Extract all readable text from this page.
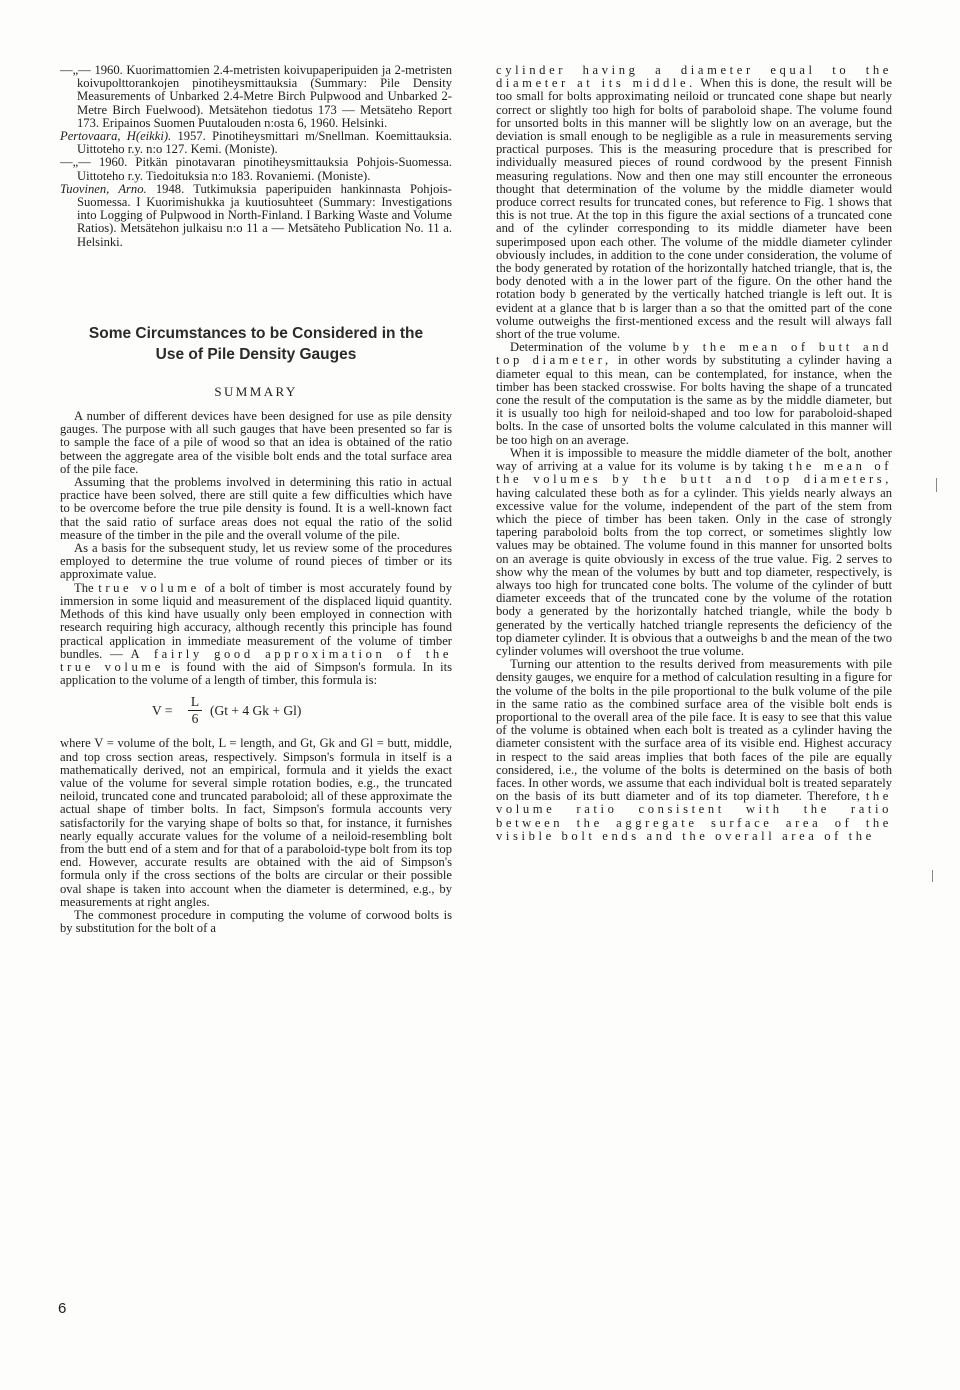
—„— 1960. Kuorimattomien 2.4-metristen koivupaperipuiden ja 2-metristen koivupolttorankojen pinotiheysmittauksia (Summary: Pile Density Measurements of Unbarked 2.4-Metre Birch Pulpwood and Unbarked 2-Metre Birch Fuelwood). Metsätehon tiedotus 173 — Metsäteho Report 173. Eripainos Suomen Puutalouden n:osta 6, 1960. Helsinki.

Pertovaara, H(eikki). 1957. Pinotiheysmittari m/Snellman. Koemittauksia. Uittoteho r.y. n:o 127. Kemi. (Moniste).

—„— 1960. Pitkän pinotavaran pinotiheysmittauksia Pohjois-Suomessa. Uittoteho r.y. Tiedoituksia n:o 183. Rovaniemi. (Moniste).

Tuovinen, Arno. 1948. Tutkimuksia paperipuiden hankinnasta Pohjois-Suomessa. I Kuorimishukka ja kuutiosuhteet (Summary: Investigations into Logging of Pulpwood in North-Finland. I Barking Waste and Volume Ratios). Metsätehon julkaisu n:o 11 a — Metsäteho Publication No. 11 a. Helsinki.

Some Circumstances to be Considered in the
Use of Pile Density Gauges
SUMMARY

A number of different devices have been designed for use as pile density gauges. The purpose with all such gauges that have been presented so far is to sample the face of a pile of wood so that an idea is obtained of the ratio between the aggregate area of the visible bolt ends and the total surface area of the pile face.

Assuming that the problems involved in determining this ratio in actual practice have been solved, there are still quite a few difficulties which have to be overcome before the true pile density is found. It is a well-known fact that the said ratio of surface areas does not equal the ratio of the solid measure of the timber in the pile and the overall volume of the pile.

As a basis for the subsequent study, let us review some of the procedures employed to determine the true volume of round pieces of timber or its approximate value.

The true volume of a bolt of timber is most accurately found by immersion in some liquid and measurement of the displaced liquid quantity. Methods of this kind have usually only been employed in connection with research requiring high accuracy, although recently this principle has found practical application in immediate measurement of the volume of timber bundles. — A fairly good approximation of the true volume is found with the aid of Simpson's formula. In its application to the volume of a length of timber, this formula is:

V =
L
6
(Gt + 4 Gk + Gl)

where V = volume of the bolt, L = length, and Gt, Gk and Gl = butt, middle, and top cross section areas, respectively. Simpson's formula in itself is a mathematically derived, not an empirical, formula and it yields the exact value of the volume for several simple rotation bodies, e.g., the truncated neiloid, truncated cone and truncated paraboloid; all of these approximate the actual shape of timber bolts. In fact, Simpson's formula accounts very satisfactorily for the varying shape of bolts so that, for instance, it furnishes nearly equally accurate values for the volume of a neiloid-resembling bolt from the butt end of a stem and for that of a paraboloid-type bolt from its top end. However, accurate results are obtained with the aid of Simpson's formula only if the cross sections of the bolts are circular or their possible oval shape is taken into account when the diameter is determined, e.g., by measurements at right angles.

The commonest procedure in computing the volume of corwood bolts is by substitution for the bolt of a

cylinder having a diameter equal to the diameter at its middle. When this is done, the result will be too small for bolts approximating neiloid or truncated cone shape but nearly correct or slightly too high for bolts of paraboloid shape. The volume found for unsorted bolts in this manner will be slightly low on an average, but the deviation is small enough to be negligible as a rule in measurements serving practical purposes. This is the measuring procedure that is prescribed for individually measured pieces of round cordwood by the present Finnish measuring regulations. Now and then one may still encounter the erroneous thought that determination of the volume by the middle diameter would produce correct results for truncated cones, but reference to Fig. 1 shows that this is not true. At the top in this figure the axial sections of a truncated cone and of the cylinder corresponding to its middle diameter have been superimposed upon each other. The volume of the middle diameter cylinder obviously includes, in addition to the cone under consideration, the volume of the body generated by rotation of the horizontally hatched triangle, that is, the body denoted with a in the lower part of the figure. On the other hand the rotation body b generated by the vertically hatched triangle is left out. It is evident at a glance that b is larger than a so that the omitted part of the cone volume outweighs the first-mentioned excess and the result will always fall short of the true volume.

Determination of the volume by the mean of butt and top diameter, in other words by substituting a cylinder having a diameter equal to this mean, can be contemplated, for instance, when the timber has been stacked crosswise. For bolts having the shape of a truncated cone the result of the computation is the same as by the middle diameter, but it is usually too high for neiloid-shaped and too low for paraboloid-shaped bolts. In the case of unsorted bolts the volume calculated in this manner will be too high on an average.

When it is impossible to measure the middle diameter of the bolt, another way of arriving at a value for its volume is by taking the mean of the volumes by the butt and top diameters, having calculated these both as for a cylinder. This yields nearly always an excessive value for the volume, independent of the part of the stem from which the piece of timber has been taken. Only in the case of strongly tapering paraboloid bolts from the top correct, or sometimes slightly low values may be obtained. The volume found in this manner for unsorted bolts on an average is quite obviously in excess of the true value. Fig. 2 serves to show why the mean of the volumes by butt and top diameter, respectively, is always too high for truncated cone bolts. The volume of the cylinder of butt diameter exceeds that of the truncated cone by the volume of the rotation body a generated by the horizontally hatched triangle, while the body b generated by the vertically hatched triangle represents the deficiency of the top diameter cylinder. It is obvious that a outweighs b and the mean of the two cylinder volumes will overshoot the true volume.

Turning our attention to the results derived from measurements with pile density gauges, we enquire for a method of calculation resulting in a figure for the volume of the bolts in the pile proportional to the bulk volume of the pile in the same ratio as the combined surface area of the visible bolt ends is proportional to the overall area of the pile face. It is easy to see that this value of the volume is obtained when each bolt is treated as a cylinder having the diameter consistent with the surface area of its visible end. Highest accuracy in respect to the said areas implies that both faces of the pile are equally considered, i.e., the volume of the bolts is determined on the basis of both faces. In other words, we assume that each individual bolt is treated separately on the basis of its butt diameter and of its top diameter. Therefore, the volume ratio consistent with the ratio between the aggregate surface area of the visible bolt ends and the overall area of the

6
